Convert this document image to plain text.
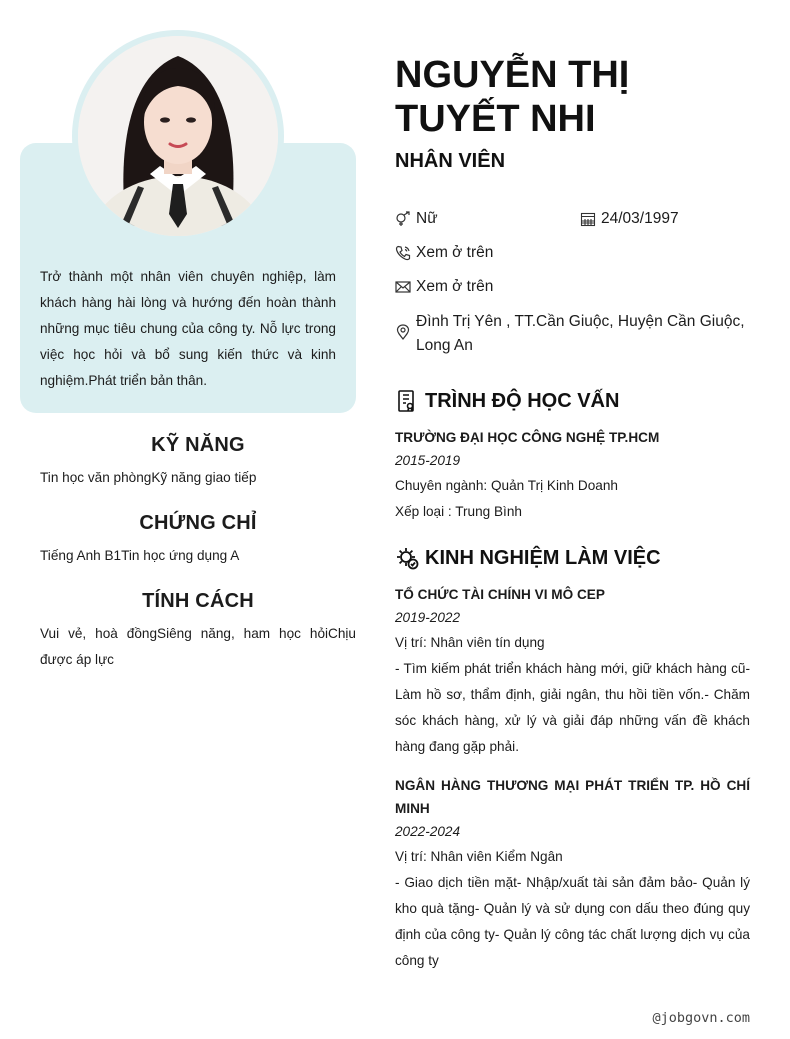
Trở thành một nhân viên chuyên nghiệp, làm khách hàng hài lòng và hướng đến hoàn thành những mục tiêu chung của công ty. Nỗ lực trong việc học hỏi và bổ sung kiến thức và kinh nghiệm.Phát triển bản thân.

KỸ NĂNG

Tin học văn phòngKỹ năng giao tiếp

CHỨNG CHỈ

Tiếng Anh B1Tin học ứng dụng A

TÍNH CÁCH

Vui vẻ, hoà đồngSiêng năng, ham học hỏiChịu được áp lực

NGUYỄN THỊ TUYẾT NHI
NHÂN VIÊN
Nữ	24/03/1997
Xem ở trên
Xem ở trên
Đình Trị Yên , TT.Cần Giuộc, Huyện Cần Giuộc, Long An
TRÌNH ĐỘ HỌC VẤN

TRƯỜNG ĐẠI HỌC CÔNG NGHỆ TP.HCM

2015-2019

Chuyên ngành: Quản Trị Kinh Doanh

Xếp loại : Trung Bình

KINH NGHIỆM LÀM VIỆC

TỔ CHỨC TÀI CHÍNH VI MÔ CEP

2019-2022

Vị trí: Nhân viên tín dụng

- Tìm kiếm phát triển khách hàng mới, giữ khách hàng cũ- Làm hồ sơ, thẩm định, giải ngân, thu hồi tiền vốn.- Chăm sóc khách hàng, xử lý và giải đáp những vấn đề khách hàng đang gặp phải.

NGÂN HÀNG THƯƠNG MẠI PHÁT TRIỂN TP. HỒ CHÍ MINH

2022-2024

Vị trí: Nhân viên Kiểm Ngân

- Giao dịch tiền mặt- Nhập/xuất tài sản đảm bảo- Quản lý kho quà tặng- Quản lý và sử dụng con dấu theo đúng quy định của công ty- Quản lý công tác chất lượng dịch vụ của công ty

@jobgovn.com
